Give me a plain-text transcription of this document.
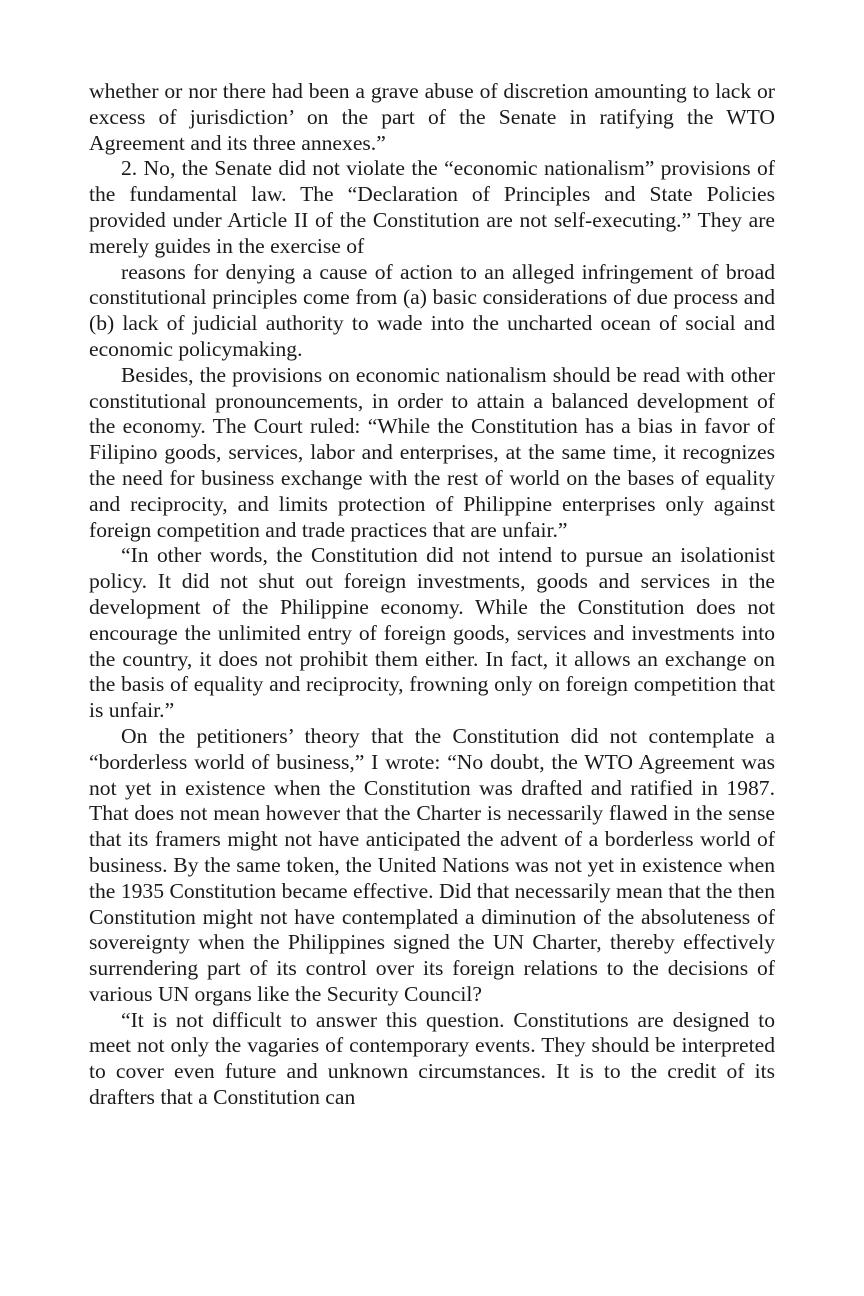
whether or nor there had been a grave abuse of discretion amounting to lack or excess of jurisdiction’ on the part of the Senate in ratifying the WTO Agreement and its three annexes.”

2. No, the Senate did not violate the “economic nationalism” provisions of the fundamental law. The “Declaration of Principles and State Policies provided under Article II of the Constitution are not self-executing.” They are merely guides in the exercise of

reasons for denying a cause of action to an alleged infringement of broad constitutional principles come from (a) basic considerations of due process and (b) lack of judicial authority to wade into the uncharted ocean of social and economic policymaking.

Besides, the provisions on economic nationalism should be read with other constitutional pronouncements, in order to attain a balanced development of the economy. The Court ruled: “While the Constitution has a bias in favor of Filipino goods, services, labor and enterprises, at the same time, it recognizes the need for business exchange with the rest of world on the bases of equality and reciprocity, and limits protection of Philippine enterprises only against foreign competition and trade practices that are unfair.”

“In other words, the Constitution did not intend to pursue an isolationist policy. It did not shut out foreign investments, goods and services in the development of the Philippine economy. While the Constitution does not encourage the unlimited entry of foreign goods, services and investments into the country, it does not prohibit them either. In fact, it allows an exchange on the basis of equality and reciprocity, frowning only on foreign competition that is unfair.”

On the petitioners’ theory that the Constitution did not contemplate a “borderless world of business,” I wrote: “No doubt, the WTO Agreement was not yet in existence when the Constitution was drafted and ratified in 1987. That does not mean however that the Charter is necessarily flawed in the sense that its framers might not have anticipated the advent of a borderless world of business. By the same token, the United Nations was not yet in existence when the 1935 Constitution became effective. Did that necessarily mean that the then Constitution might not have contemplated a diminution of the absoluteness of sovereignty when the Philippines signed the UN Charter, thereby effectively surrendering part of its control over its foreign relations to the decisions of various UN organs like the Security Council?

“It is not difficult to answer this question. Constitutions are designed to meet not only the vagaries of contemporary events. They should be interpreted to cover even future and unknown circumstances. It is to the credit of its drafters that a Constitution can
